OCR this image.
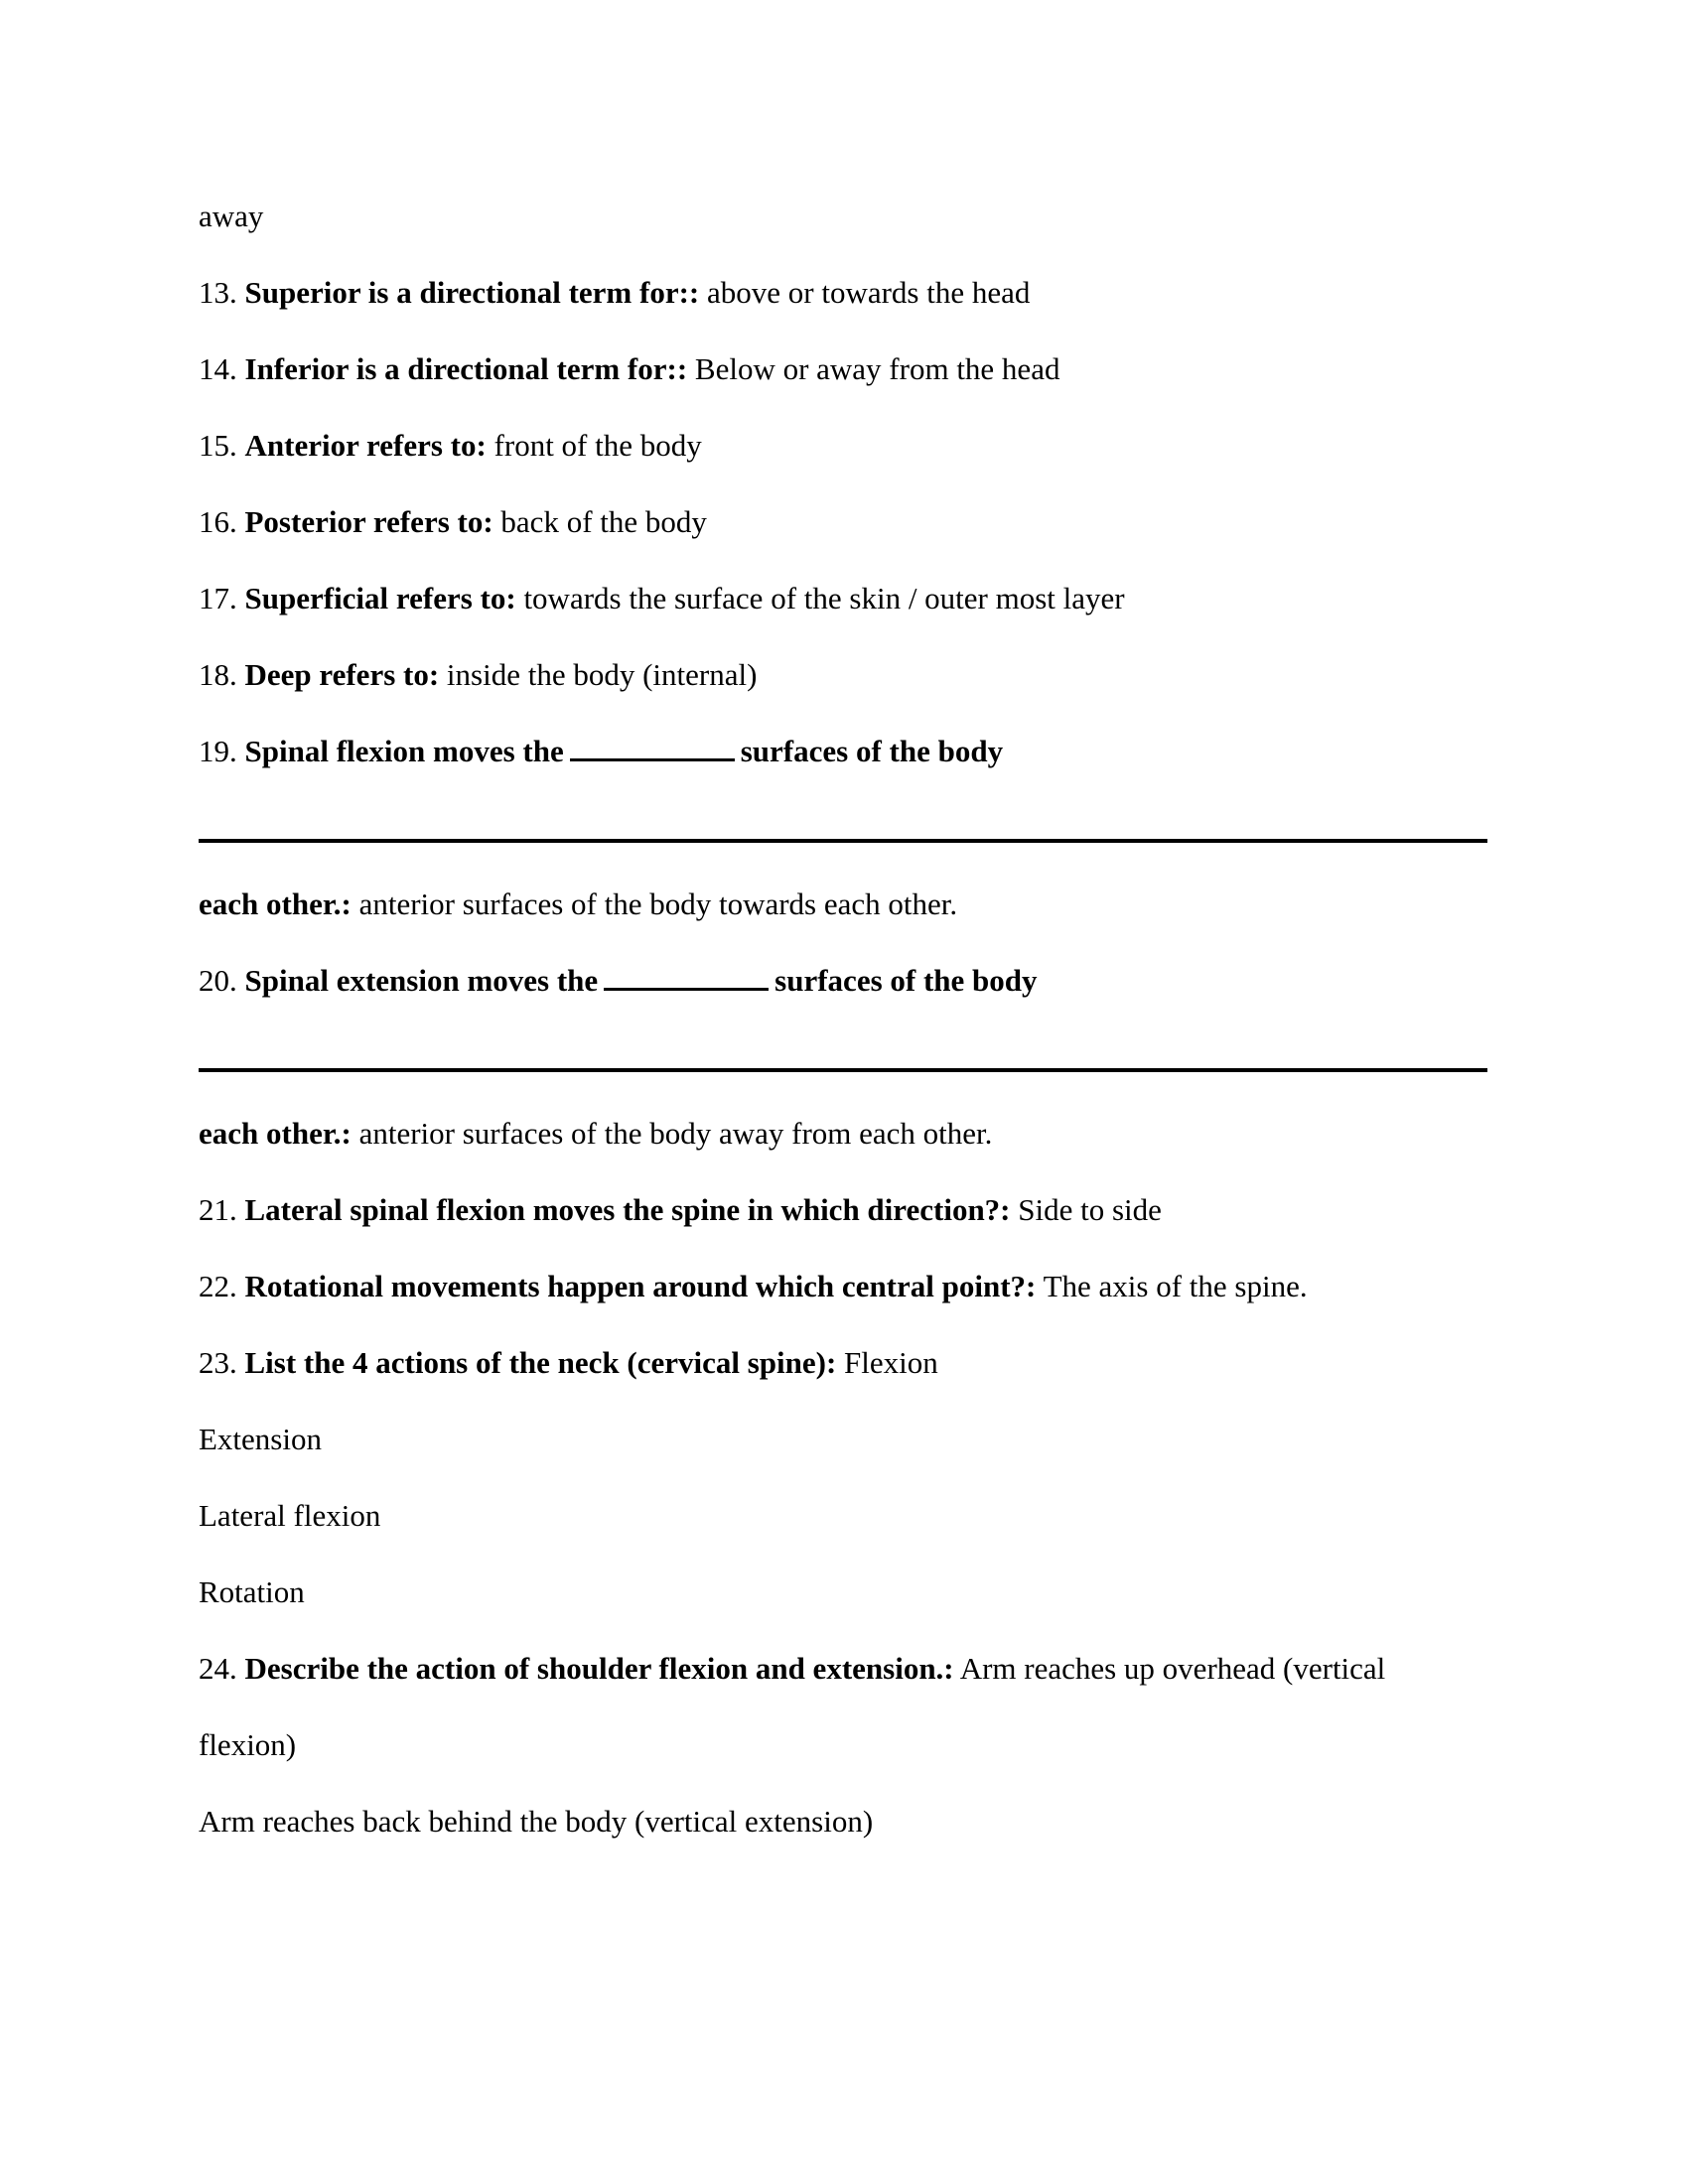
away
13. Superior is a directional term for:: above or towards the head
14. Inferior is a directional term for:: Below or away from the head
15. Anterior refers to: front of the body
16. Posterior refers to: back of the body
17. Superficial refers to: towards the surface of the skin / outer most layer
18. Deep refers to: inside the body (internal)
19. Spinal flexion moves the	surfaces of the body
each other.: anterior surfaces of the body towards each other.
20. Spinal extension moves the	surfaces of the body
each other.: anterior surfaces of the body away from each other.
21. Lateral spinal flexion moves the spine in which direction?: Side to side
22. Rotational movements happen around which central point?: The axis of the spine.
23. List the 4 actions of the neck (cervical spine): Flexion
Extension
Lateral flexion
Rotation
24. Describe the action of shoulder flexion and extension.: Arm reaches up overhead (vertical
flexion)
Arm reaches back behind the body (vertical extension)
